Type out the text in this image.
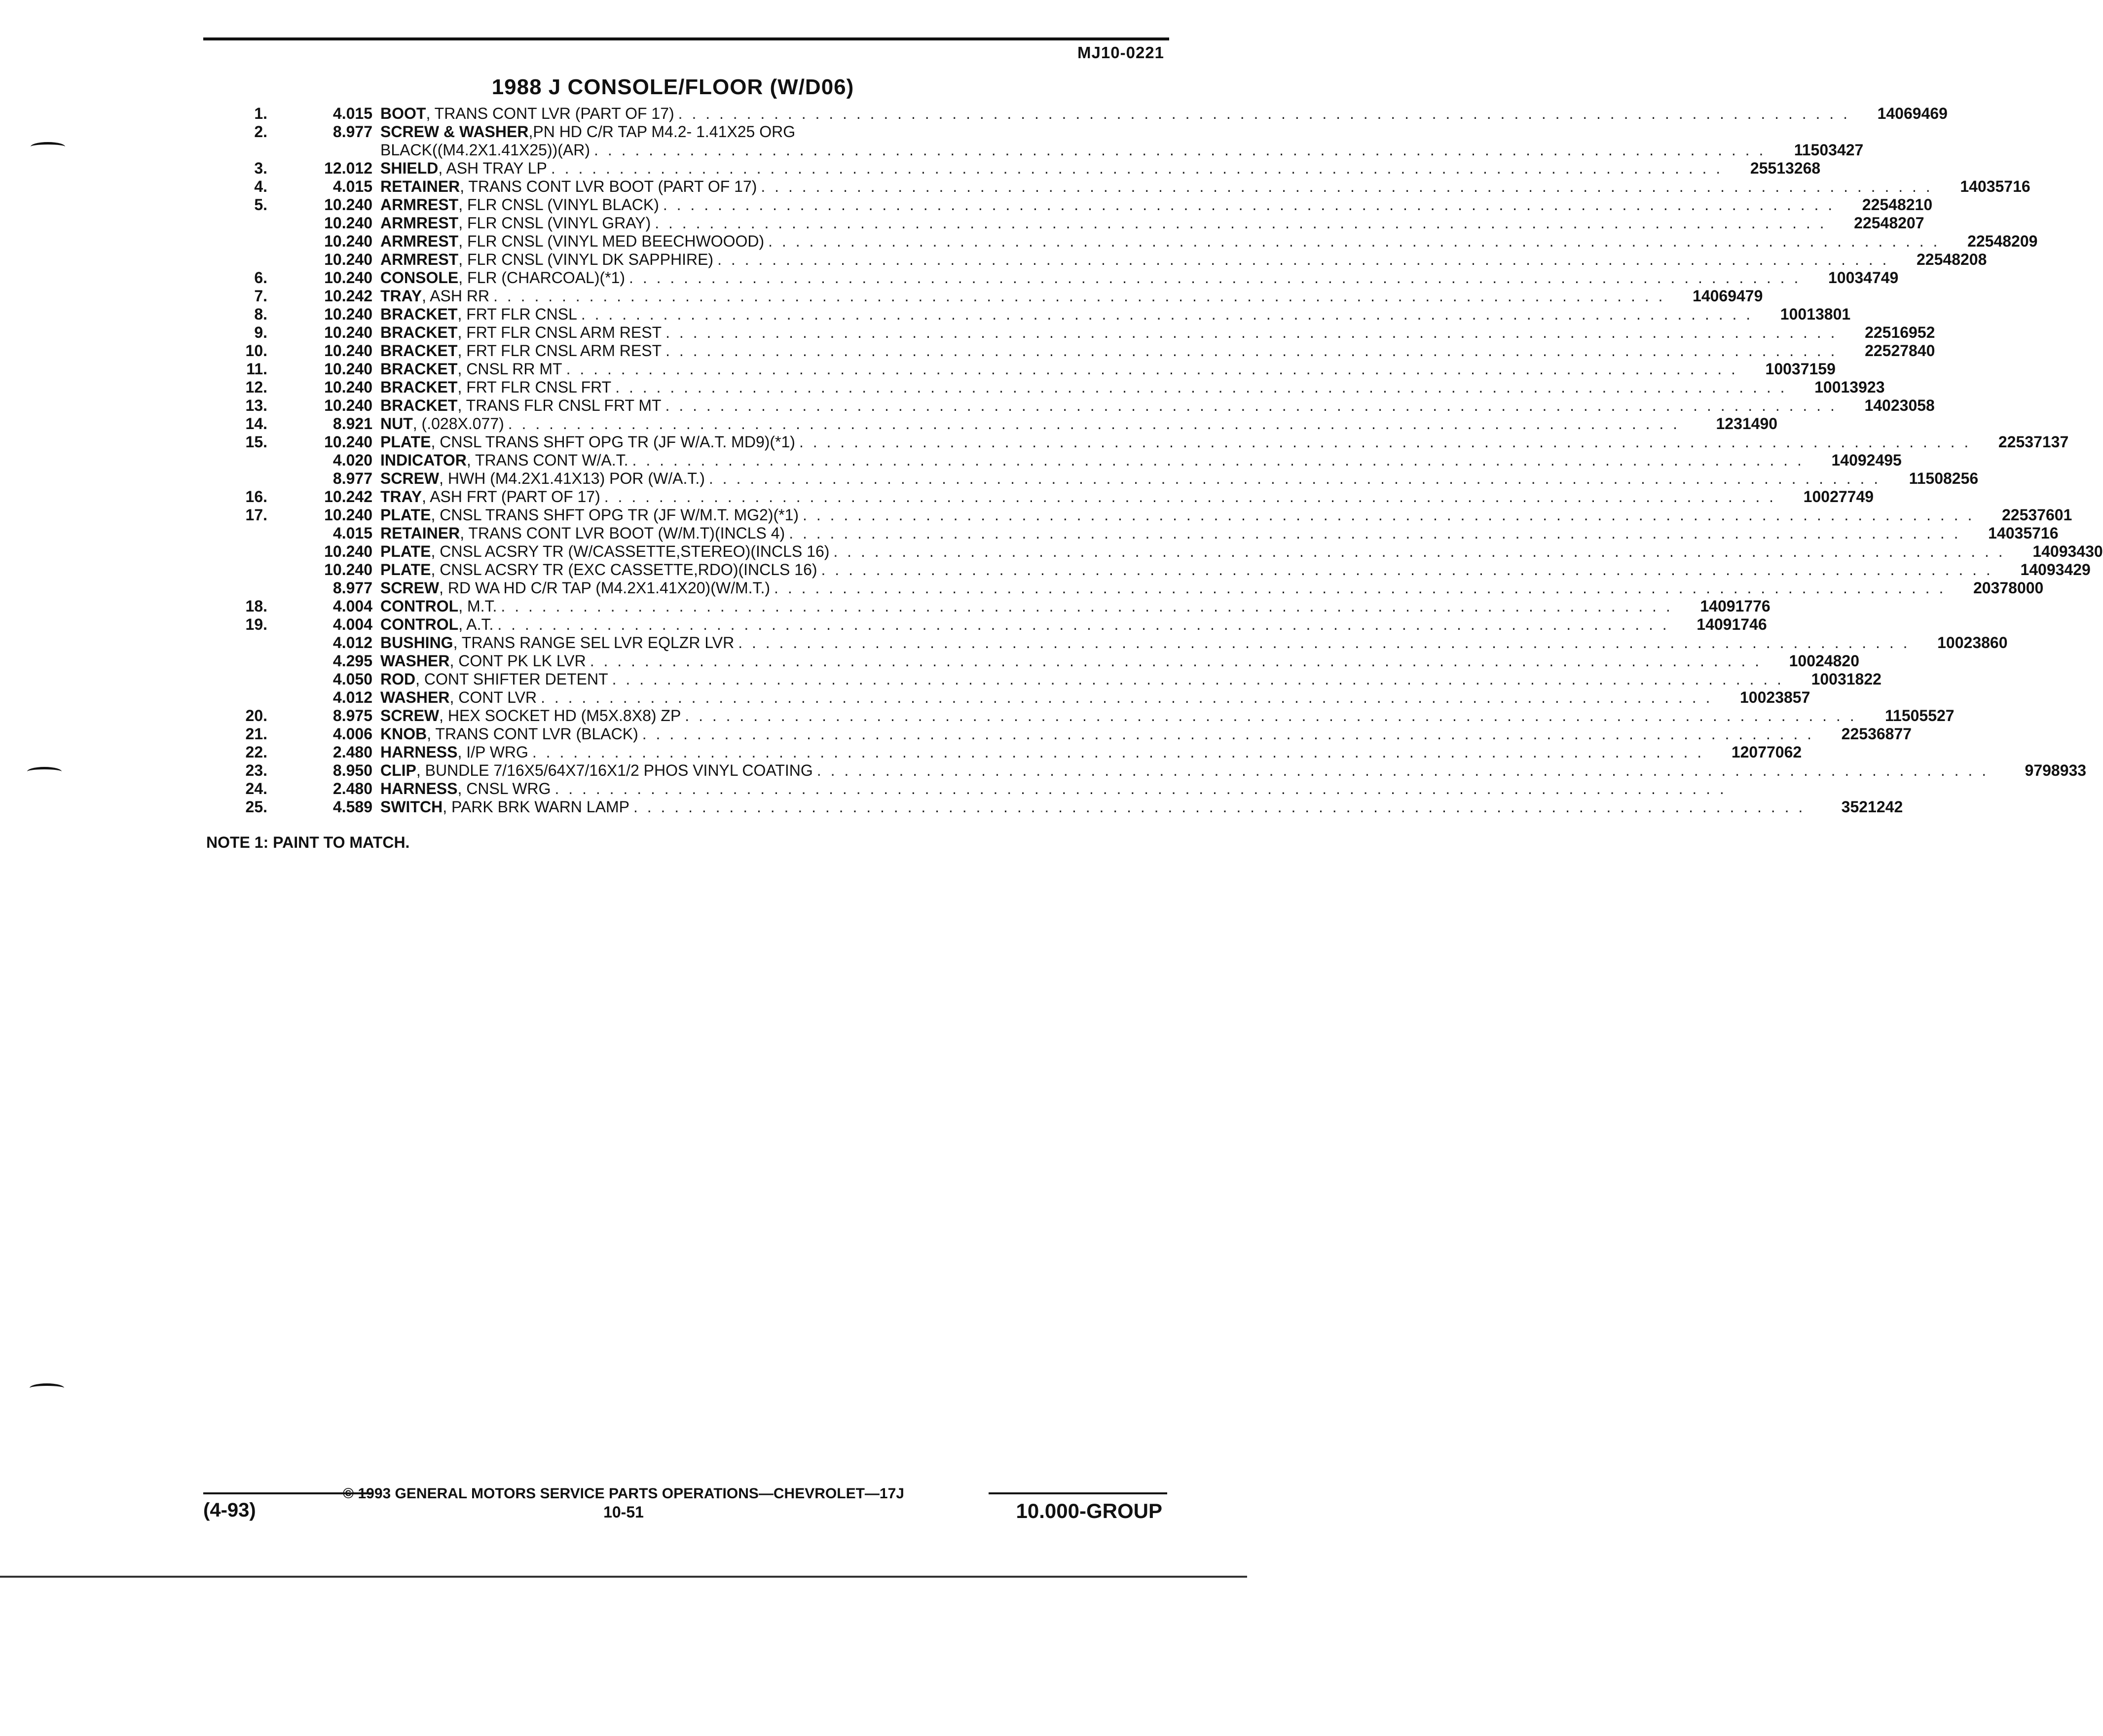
MJ10-0221
1988 J CONSOLE/FLOOR (W/D06)
1.	4.015 BOOT , TRANS CONT LVR (PART OF 17) . . . . . . . . . . . . . . . . . . . . . . . . . . . . . . . . . . . . . . . . . . . . . . . . . . . . . . . . . . . . . . . . . . . . . . . . . . . . . . . . . . . . . .	14069469
2.	8.977 SCREW & WASHER ,PN HD C/R TAP M4.2- 1.41X25 ORG
BLACK((M4.2X1.41X25))(AR) . . . . . . . . . . . . . . . . . . . . . . . . . . . . . . . . . . . . . . . . . . . . . . . . . . . . . . . . . . . . . . . . . . . . . . . . . . . . . . . . . . . . . .	11503427
3.	12.012 SHIELD , ASH TRAY LP . . . . . . . . . . . . . . . . . . . . . . . . . . . . . . . . . . . . . . . . . . . . . . . . . . . . . . . . . . . . . . . . . . . . . . . . . . . . . . . . . . . . . .	25513268
4.	4.015 RETAINER , TRANS CONT LVR BOOT (PART OF 17) . . . . . . . . . . . . . . . . . . . . . . . . . . . . . . . . . . . . . . . . . . . . . . . . . . . . . . . . . . . . . . . . . . . . . . . . . . . . . . . . . . . . . .	14035716
5.	10.240 ARMREST , FLR CNSL (VINYL BLACK) . . . . . . . . . . . . . . . . . . . . . . . . . . . . . . . . . . . . . . . . . . . . . . . . . . . . . . . . . . . . . . . . . . . . . . . . . . . . . . . . . . . . . .	22548210
10.240 ARMREST , FLR CNSL (VINYL GRAY) . . . . . . . . . . . . . . . . . . . . . . . . . . . . . . . . . . . . . . . . . . . . . . . . . . . . . . . . . . . . . . . . . . . . . . . . . . . . . . . . . . . . . .	22548207
10.240 ARMREST , FLR CNSL (VINYL MED BEECHWOOOD) . . . . . . . . . . . . . . . . . . . . . . . . . . . . . . . . . . . . . . . . . . . . . . . . . . . . . . . . . . . . . . . . . . . . . . . . . . . . . . . . . . . . . .	22548209
10.240 ARMREST , FLR CNSL (VINYL DK SAPPHIRE) . . . . . . . . . . . . . . . . . . . . . . . . . . . . . . . . . . . . . . . . . . . . . . . . . . . . . . . . . . . . . . . . . . . . . . . . . . . . . . . . . . . . . .	22548208
6.	10.240 CONSOLE , FLR (CHARCOAL)(*1) . . . . . . . . . . . . . . . . . . . . . . . . . . . . . . . . . . . . . . . . . . . . . . . . . . . . . . . . . . . . . . . . . . . . . . . . . . . . . . . . . . . . . .	10034749
7.	10.242 TRAY , ASH RR . . . . . . . . . . . . . . . . . . . . . . . . . . . . . . . . . . . . . . . . . . . . . . . . . . . . . . . . . . . . . . . . . . . . . . . . . . . . . . . . . . . . . .	14069479
8.	10.240 BRACKET , FRT FLR CNSL . . . . . . . . . . . . . . . . . . . . . . . . . . . . . . . . . . . . . . . . . . . . . . . . . . . . . . . . . . . . . . . . . . . . . . . . . . . . . . . . . . . . . .	10013801
9.	10.240 BRACKET , FRT FLR CNSL ARM REST . . . . . . . . . . . . . . . . . . . . . . . . . . . . . . . . . . . . . . . . . . . . . . . . . . . . . . . . . . . . . . . . . . . . . . . . . . . . . . . . . . . . . .	22516952
10.	10.240 BRACKET , FRT FLR CNSL ARM REST . . . . . . . . . . . . . . . . . . . . . . . . . . . . . . . . . . . . . . . . . . . . . . . . . . . . . . . . . . . . . . . . . . . . . . . . . . . . . . . . . . . . . .	22527840
11.	10.240 BRACKET , CNSL RR MT . . . . . . . . . . . . . . . . . . . . . . . . . . . . . . . . . . . . . . . . . . . . . . . . . . . . . . . . . . . . . . . . . . . . . . . . . . . . . . . . . . . . . .	10037159
12.	10.240 BRACKET , FRT FLR CNSL FRT . . . . . . . . . . . . . . . . . . . . . . . . . . . . . . . . . . . . . . . . . . . . . . . . . . . . . . . . . . . . . . . . . . . . . . . . . . . . . . . . . . . . . .	10013923
13.	10.240 BRACKET , TRANS FLR CNSL FRT MT . . . . . . . . . . . . . . . . . . . . . . . . . . . . . . . . . . . . . . . . . . . . . . . . . . . . . . . . . . . . . . . . . . . . . . . . . . . . . . . . . . . . . .	14023058
14.	8.921 NUT , (.028X.077) . . . . . . . . . . . . . . . . . . . . . . . . . . . . . . . . . . . . . . . . . . . . . . . . . . . . . . . . . . . . . . . . . . . . . . . . . . . . . . . . . . . . . .	1231490
15.	10.240 PLATE , CNSL TRANS SHFT OPG TR (JF W/A.T. MD9)(*1) . . . . . . . . . . . . . . . . . . . . . . . . . . . . . . . . . . . . . . . . . . . . . . . . . . . . . . . . . . . . . . . . . . . . . . . . . . . . . . . . . . . . . .	22537137
4.020 INDICATOR , TRANS CONT W/A.T. . . . . . . . . . . . . . . . . . . . . . . . . . . . . . . . . . . . . . . . . . . . . . . . . . . . . . . . . . . . . . . . . . . . . . . . . . . . . . . . . . . . . . .	14092495
8.977 SCREW , HWH (M4.2X1.41X13) POR (W/A.T.) . . . . . . . . . . . . . . . . . . . . . . . . . . . . . . . . . . . . . . . . . . . . . . . . . . . . . . . . . . . . . . . . . . . . . . . . . . . . . . . . . . . . . .	11508256
16.	10.242 TRAY , ASH FRT (PART OF 17) . . . . . . . . . . . . . . . . . . . . . . . . . . . . . . . . . . . . . . . . . . . . . . . . . . . . . . . . . . . . . . . . . . . . . . . . . . . . . . . . . . . . . .	10027749
17.	10.240 PLATE , CNSL TRANS SHFT OPG TR (JF W/M.T. MG2)(*1) . . . . . . . . . . . . . . . . . . . . . . . . . . . . . . . . . . . . . . . . . . . . . . . . . . . . . . . . . . . . . . . . . . . . . . . . . . . . . . . . . . . . . .	22537601
4.015 RETAINER , TRANS CONT LVR BOOT (W/M.T)(INCLS 4) . . . . . . . . . . . . . . . . . . . . . . . . . . . . . . . . . . . . . . . . . . . . . . . . . . . . . . . . . . . . . . . . . . . . . . . . . . . . . . . . . . . . . .	14035716
10.240 PLATE , CNSL ACSRY TR (W/CASSETTE,STEREO)(INCLS 16) . . . . . . . . . . . . . . . . . . . . . . . . . . . . . . . . . . . . . . . . . . . . . . . . . . . . . . . . . . . . . . . . . . . . . . . . . . . . . . . . . . . . . .	14093430
10.240 PLATE , CNSL ACSRY TR (EXC CASSETTE,RDO)(INCLS 16) . . . . . . . . . . . . . . . . . . . . . . . . . . . . . . . . . . . . . . . . . . . . . . . . . . . . . . . . . . . . . . . . . . . . . . . . . . . . . . . . . . . . . .	14093429
8.977 SCREW , RD WA HD C/R TAP (M4.2X1.41X20)(W/M.T.) . . . . . . . . . . . . . . . . . . . . . . . . . . . . . . . . . . . . . . . . . . . . . . . . . . . . . . . . . . . . . . . . . . . . . . . . . . . . . . . . . . . . . .	20378000
18.	4.004 CONTROL , M.T. . . . . . . . . . . . . . . . . . . . . . . . . . . . . . . . . . . . . . . . . . . . . . . . . . . . . . . . . . . . . . . . . . . . . . . . . . . . . . . . . . . . . . .	14091776
19.	4.004 CONTROL , A.T. . . . . . . . . . . . . . . . . . . . . . . . . . . . . . . . . . . . . . . . . . . . . . . . . . . . . . . . . . . . . . . . . . . . . . . . . . . . . . . . . . . . . . .	14091746
4.012 BUSHING , TRANS RANGE SEL LVR EQLZR LVR . . . . . . . . . . . . . . . . . . . . . . . . . . . . . . . . . . . . . . . . . . . . . . . . . . . . . . . . . . . . . . . . . . . . . . . . . . . . . . . . . . . . . .	10023860
4.295 WASHER , CONT PK LK LVR . . . . . . . . . . . . . . . . . . . . . . . . . . . . . . . . . . . . . . . . . . . . . . . . . . . . . . . . . . . . . . . . . . . . . . . . . . . . . . . . . . . . . .	10024820
4.050 ROD , CONT SHIFTER DETENT . . . . . . . . . . . . . . . . . . . . . . . . . . . . . . . . . . . . . . . . . . . . . . . . . . . . . . . . . . . . . . . . . . . . . . . . . . . . . . . . . . . . . .	10031822
4.012 WASHER , CONT LVR . . . . . . . . . . . . . . . . . . . . . . . . . . . . . . . . . . . . . . . . . . . . . . . . . . . . . . . . . . . . . . . . . . . . . . . . . . . . . . . . . . . . . .	10023857
20.	8.975 SCREW , HEX SOCKET HD (M5X.8X8) ZP . . . . . . . . . . . . . . . . . . . . . . . . . . . . . . . . . . . . . . . . . . . . . . . . . . . . . . . . . . . . . . . . . . . . . . . . . . . . . . . . . . . . . .	11505527
21.	4.006 KNOB , TRANS CONT LVR (BLACK) . . . . . . . . . . . . . . . . . . . . . . . . . . . . . . . . . . . . . . . . . . . . . . . . . . . . . . . . . . . . . . . . . . . . . . . . . . . . . . . . . . . . . .	22536877
22.	2.480 HARNESS , I/P WRG . . . . . . . . . . . . . . . . . . . . . . . . . . . . . . . . . . . . . . . . . . . . . . . . . . . . . . . . . . . . . . . . . . . . . . . . . . . . . . . . . . . . . .	12077062
23.	8.950 CLIP , BUNDLE 7/16X5/64X7/16X1/2 PHOS VINYL COATING . . . . . . . . . . . . . . . . . . . . . . . . . . . . . . . . . . . . . . . . . . . . . . . . . . . . . . . . . . . . . . . . . . . . . . . . . . . . . . . . . . . . . .	9798933
24.	2.480 HARNESS , CNSL WRG . . . . . . . . . . . . . . . . . . . . . . . . . . . . . . . . . . . . . . . . . . . . . . . . . . . . . . . . . . . . . . . . . . . . . . . . . . . . . . . . . . . . . .
25.	4.589 SWITCH , PARK BRK WARN LAMP . . . . . . . . . . . . . . . . . . . . . . . . . . . . . . . . . . . . . . . . . . . . . . . . . . . . . . . . . . . . . . . . . . . . . . . . . . . . . . . . . . . . . .	3521242
NOTE 1: PAINT TO MATCH.
© 1993 GENERAL MOTORS SERVICE PARTS OPERATIONS—CHEVROLET—17J
(4-93)	10-51	10.000-GROUP
